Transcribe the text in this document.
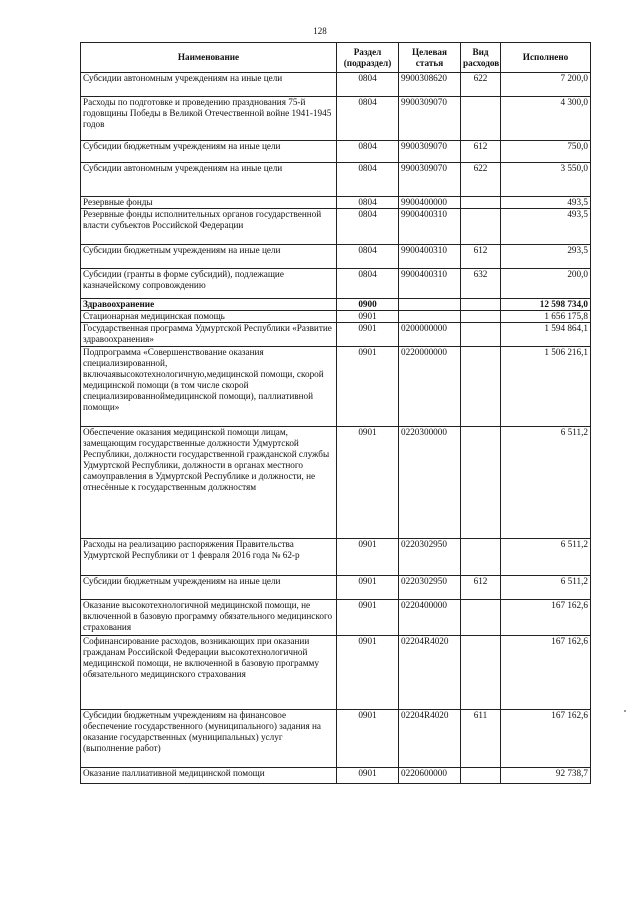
128
Наименование	Раздел (подраздел)	Целевая статья	Вид расходов	Исполнено
Субсидии автономным учреждениям на иные цели	0804	9900308620	622	7 200,0
Расходы по подготовке и проведению празднования 75-й годовщины Победы в Великой Отечественной войне 1941-1945 годов	0804	9900309070		4 300,0
Субсидии бюджетным учреждениям на иные цели	0804	9900309070	612	750,0
Субсидии автономным учреждениям на иные цели	0804	9900309070	622	3 550,0
Резервные фонды	0804	9900400000		493,5
Резервные фонды исполнительных органов государственной власти субъектов Российской Федерации	0804	9900400310		493,5
Субсидии бюджетным учреждениям на иные цели	0804	9900400310	612	293,5
Субсидии (гранты в форме субсидий), подлежащие казначейскому сопровождению	0804	9900400310	632	200,0
Здравоохранение	0900			12 598 734,0
Стационарная медицинская помощь	0901			1 656 175,8
Государственная программа Удмуртской Республики «Развитие здравоохранения»	0901	0200000000		1 594 864,1
Подпрограмма «Совершенствование оказания специализированной, включаявысокотехнологичную,медицинской помощи, скорой медицинской помощи (в том числе скорой специализированноймедицинской помощи), паллиативной помощи»	0901	0220000000		1 506 216,1
Обеспечение оказания медицинской помощи лицам, замещающим государственные должности Удмуртской Республики, должности государственной гражданской службы Удмуртской Республики, должности в органах местного самоуправления в Удмуртской Республике и должности, не отнесённые к государственным должностям	0901	0220300000		6 511,2
Расходы на реализацию распоряжения Правительства Удмуртской Республики от 1 февраля 2016 года № 62-р	0901	0220302950		6 511,2
Субсидии бюджетным учреждениям на иные цели	0901	0220302950	612	6 511,2
Оказание высокотехнологичной медицинской помощи, не включенной в базовую программу обязательного медицинского страхования	0901	0220400000		167 162,6
Софинансирование расходов, возникающих при оказании гражданам Российской Федерации высокотехнологичной медицинской помощи, не включенной в базовую программу обязательного медицинского страхования	0901	02204R4020		167 162,6
Субсидии бюджетным учреждениям на финансовое обеспечение государственного (муниципального) задания на оказание государственных (муниципальных) услуг (выполнение работ)	0901	02204R4020	611	167 162,6
Оказание паллиативной медицинской помощи	0901	0220600000		92 738,7
